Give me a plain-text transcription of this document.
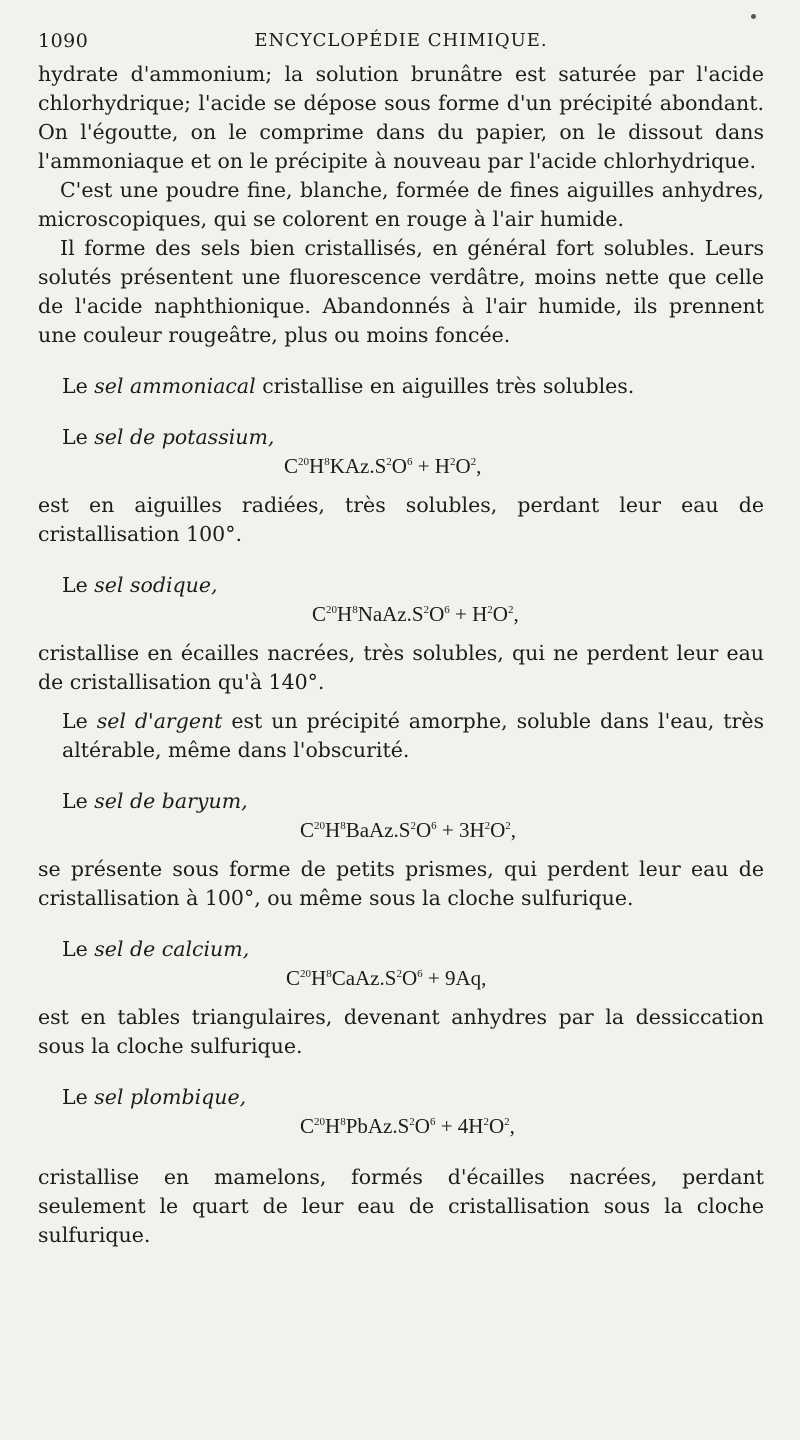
1090	ENCYCLOPÉDIE CHIMIQUE.

hydrate d'ammonium; la solution brunâtre est saturée par l'acide chlorhydrique; l'acide se dépose sous forme d'un précipité abondant. On l'égoutte, on le comprime dans du papier, on le dissout dans l'ammoniaque et on le précipite à nouveau par l'acide chlorhydrique.

C'est une poudre fine, blanche, formée de fines aiguilles anhydres, microscopiques, qui se colorent en rouge à l'air humide.

Il forme des sels bien cristallisés, en général fort solubles. Leurs solutés présentent une fluorescence verdâtre, moins nette que celle de l'acide naphthionique. Abandonnés à l'air humide, ils prennent une couleur rougeâtre, plus ou moins foncée.

Le sel ammoniacal cristallise en aiguilles très solubles.

Le sel de potassium,

$C^{20}H^8KAz.S^2O^6 + H^2O^2$,

est en aiguilles radiées, très solubles, perdant leur eau de cristallisation 100°.

Le sel sodique,

$C^{20}H^8NaAz.S^2O^6 + H^2O^2$,

cristallise en écailles nacrées, très solubles, qui ne perdent leur eau de cristallisation qu'à 140°.

Le sel d'argent est un précipité amorphe, soluble dans l'eau, très altérable, même dans l'obscurité.

Le sel de baryum,

$C^{20}H^8BaAz.S^2O^6 + 3H^2O^2$,

se présente sous forme de petits prismes, qui perdent leur eau de cristallisation à 100°, ou même sous la cloche sulfurique.

Le sel de calcium,

$C^{20}H^8CaAz.S^2O^6 + 9Aq$,

est en tables triangulaires, devenant anhydres par la dessiccation sous la cloche sulfurique.

Le sel plombique,

$C^{20}H^8PbAz.S^2O^6 + 4H^2O^2$,

cristallise en mamelons, formés d'écailles nacrées, perdant seulement le quart de leur eau de cristallisation sous la cloche sulfurique.
